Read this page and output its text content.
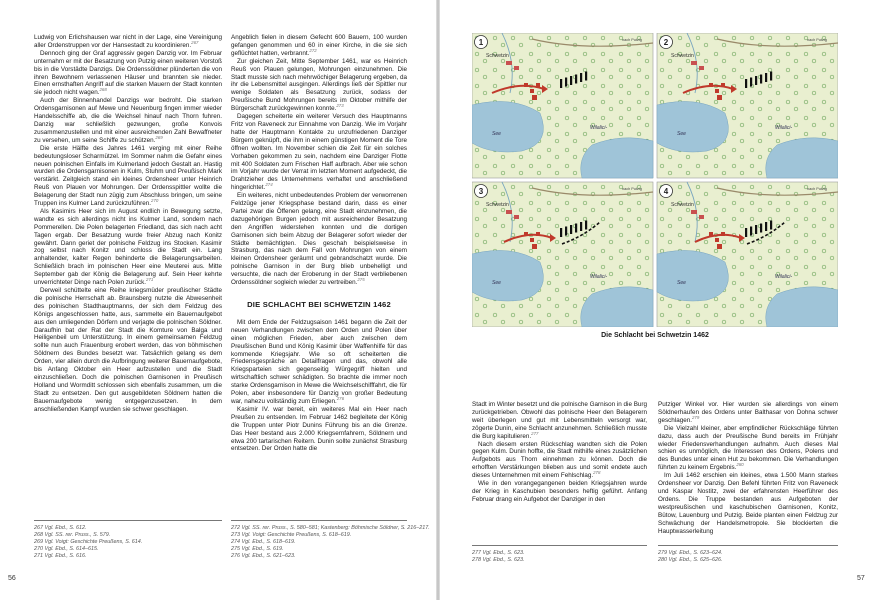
Ludwig von Erlichshausen war nicht in der Lage, eine Vereinigung aller Ordenstruppen vor der Hansestadt zu koordinieren.$^{267}$

Dennoch ging der Graf aggressiv gegen Danzig vor. Im Februar unternahm er mit der Besatzung von Putzig einen weiteren Vorstoß bis in die Vorstädte Danzigs. Die Ordenssöldner plünderten die von ihren Bewohnern verlassenen Häuser und brannten sie nieder. Einen ernsthaften Angriff auf die starken Mauern der Stadt konnten sie jedoch nicht wagen.$^{268}$

Auch der Binnenhandel Danzigs war bedroht. Die starken Ordensgarnisonen auf Mewe und Neuenburg fingen immer wieder Handelsschiffe ab, die die Weichsel hinauf nach Thorn fuhren. Danzig war schließlich gezwungen, große Konvois zusammenzustellen und mit einer ausreichenden Zahl Bewaffneter zu versehen, um seine Schiffe zu schützen.$^{269}$

Die erste Hälfte des Jahres 1461 verging mit einer Reihe bedeutungsloser Scharmützel. Im Sommer nahm die Gefahr eines neuen polnischen Einfalls im Kulmerland jedoch Gestalt an. Hastig wurden die Ordensgarnisonen in Kulm, Stuhm und Preußisch Mark verstärkt. Zeitgleich stand ein kleines Ordensheer unter Heinrich Reuß von Plauen vor Mohrungen. Der Ordensspittler wollte die Belagerung der Stadt nun zügig zum Abschluss bringen, um seine Truppen ins Kulmer Land zurückzuführen.$^{270}$

Als Kasimirs Heer sich im August endlich in Bewegung setzte, wandte es sich allerdings nicht ins Kulmer Land, sondern nach Pommerellen. Die Polen belagerten Friedland, das sich nach acht Tagen ergab. Der Besatzung wurde freier Abzug nach Konitz gewährt. Dann geriet der polnische Feldzug ins Stocken. Kasimir zog selbst nach Konitz und schloss die Stadt ein. Lang anhaltender, kalter Regen behinderte die Belagerungsarbeiten. Schließlich brach im polnischen Heer eine Meuterei aus. Mitte September gab der König die Belagerung auf. Sein Heer kehrte unverrichteter Dinge nach Polen zurück.$^{271}$

Derweil schüttelte eine Reihe kriegsmüder preußischer Städte die polnische Herrschaft ab. Braunsberg nutzte die Abwesenheit des polnischen Stadthauptmanns, der sich dem Feldzug des Königs angeschlossen hatte, aus, sammelte ein Bauernaufgebot aus den umliegenden Dörfern und verjagte die polnischen Söldner. Daraufhin bat der Rat der Stadt die Komture von Balga und Heiligenbeil um Unterstützung. In einem gemeinsamen Feldzug sollte nun auch Frauenburg erobert werden, das von böhmischen Söldnern des Bundes besetzt war. Tatsächlich gelang es dem Orden, vier allein durch die Aufbringung weiterer Bauernaufgebote, bis Anfang Oktober ein Heer aufzustellen und die Stadt einzuschließen. Doch die polnischen Garnisonen in Preußisch Holland und Wormditt schlossen sich ebenfalls zusammen, um die Stadt zu entsetzen. Den gut ausgebildeten Söldnern hatten die Bauernaufgebote wenig entgegenzusetzen. In dem anschließenden Kampf wurden sie schwer geschlagen.

Angeblich fielen in diesem Gefecht 600 Bauern, 100 wurden gefangen genommen und 60 in einer Kirche, in die sie sich geflüchtet hatten, verbrannt.$^{272}$

Zur gleichen Zeit, Mitte September 1461, war es Heinrich Reuß von Plauen gelungen, Mohrungen einzunehmen. Die Stadt musste sich nach mehrwöchiger Belagerung ergeben, da ihr die Lebensmittel ausgingen. Allerdings ließ der Spittler nur wenige Soldaten als Besatzung zurück, sodass der Preußische Bund Mohrungen bereits im Oktober mithilfe der Bürgerschaft zurückgewinnen konnte.$^{273}$

Dagegen scheiterte ein weiterer Versuch des Hauptmanns Fritz von Raveneck zur Einnahme von Danzig. Wie im Vorjahr hatte der Hauptmann Kontakte zu unzufriedenen Danziger Bürgern geknüpft, die ihm in einem günstigen Moment die Tore öffnen wollten. Im November schien die Zeit für ein solches Vorhaben gekommen zu sein, nachdem eine Danziger Flotte mit 400 Soldaten zum Frischen Haff aufbrach. Aber wie schon im Vorjahr wurde der Verrat im letzten Moment aufgedeckt, die Drahtzieher des Unternehmens verhaftet und anschließend hingerichtet.$^{274}$

Ein weiteres, nicht unbedeutendes Problem der verworrenen Feldzüge jener Kriegsphase bestand darin, dass es einer Partei zwar die Öffenen gelang, eine Stadt einzunehmen, die dazugehörigen Burgen jedoch mit ausreichender Besatzung den Angriffen widerstehen konnten und die dortigen Garnisonen sich beim Abzug der Belagerer sofort wieder der Städte bemächtigten. Dies geschah beispielsweise in Strasburg, das nach dem Fall von Mohrungen von einem kleinen Ordensheer geräumt und gebrandschatzt wurde. Die polnische Garnison in der Burg blieb unbehelligt und versuchte, die nach der Eroberung in der Stadt verbliebenen Ordenssöldner sogleich wieder zu vertreiben.$^{275}$

DIE SCHLACHT BEI SCHWETZIN 1462

Mit dem Ende der Feldzugsaison 1461 begann die Zeit der neuen Verhandlungen zwischen dem Orden und Polen über einen möglichen Frieden, aber auch zwischen dem Preußischen Bund und König Kasimir über Waffenhilfe für das kommende Kriegsjahr. Wie so oft scheiterten die Friedensgespräche an Detailfragen und das, obwohl alle Kriegsparteien sich gegenseitig Würgegriff hielten und wirtschaftlich schwer schädigten. So brachte die immer noch starke Ordensgarnison in Mewe die Weichselschifffahrt, die für Polen, aber insbesondere für Danzig von großer Bedeutung war, nahezu vollständig zum Erliegen.$^{276}$

Kasimir IV. war bereit, ein weiteres Mal ein Heer nach Preußen zu entsenden. Im Februar 1462 begleitete der König die Truppen unter Piotr Dunins Führung bis an die Grenze. Das Heer bestand aus 2.000 Kriegsernfahrern, Söldnern und etwa 200 tartarischen Reitern. Dunin sollte zunächst Strasburg entsetzen. Der Orden hatte die

267 Vgl. Ebd., S. 612.
268 Vgl. SS. rer. Pruss., S. 579.
269 Vgl. Voigt: Geschichte Preußens, S. 614.
270 Vgl. Ebd., S. 614–615.
271 Vgl. Ebd., S. 616.
272 Vgl. SS. rer. Pruss., S. 580–581; Kastenberg: Böhmische Söldner, S. 216–217.
273 Vgl. Voigt: Geschichte Preußens, S. 618–619.
274 Vgl. Ebd., S. 618–619.
275 Vgl. Ebd., S. 619.
276 Vgl. Ebd., S. 621–623.
56
Schwetzin
Wilalici-
See
nach Putzig
1
Schwetzin
Wilalici-
See
nach Putzig
2
Schwetzin
Wilalici-
See
nach Putzig
3
Schwetzin
Wilalici-
See
nach Putzig
4
Die Schlacht bei Schwetzin 1462

Stadt im Winter besetzt und die polnische Garnison in die Burg zurückgetrieben. Obwohl das polnische Heer den Belagerern weit überlegen und gut mit Lebensmitteln versorgt war, zögerte Dunin, eine Schlacht anzunehmen. Schließlich musste die Burg kapitulieren.$^{277}$

Nach diesem ersten Rückschlag wandten sich die Polen gegen Kulm. Dunin hoffte, die Stadt mithilfe eines zusätzlichen Aufgebots aus Thorn einnehmen zu können. Doch die erhofften Verstärkungen blieben aus und somit endete auch dieses Unternehmen mit einem Fehlschlag.$^{278}$

Wie in den vorangegangenen beiden Kriegsjahren wurde der Krieg in Kaschubien besonders heftig geführt. Anfang Februar drang ein Aufgebot der Danziger in den

Putziger Winkel vor. Hier wurden sie allerdings von einem Söldnerhaufen des Ordens unter Balthasar von Dohna schwer geschlagen.$^{279}$

Die Vielzahl kleiner, aber empfindlicher Rückschläge führten dazu, dass auch der Preußische Bund bereits im Frühjahr wieder Friedensverhandlungen aufnahm. Auch dieses Mal schien es unmöglich, die Interessen des Ordens, Polens und des Bundes unter einen Hut zu bekommen. Die Verhandlungen führten zu keinem Ergebnis.$^{280}$

Im Juli 1462 erschien ein kleines, etwa 1.500 Mann starkes Ordensheer vor Danzig. Den Befehl führten Fritz von Raveneck und Kaspar Nostitz, zwei der erfahrensten Heerführer des Ordens. Die Truppe bestanden aus Aufgeboten der westpreußischen und kaschubischen Garnisonen, Konitz, Bütow, Lauenburg und Putzig. Beide planten einen Feldzug zur Schwächung der Handelsmetropole. Sie blockierten die Hauptwasserleitung

277 Vgl. Ebd., S. 623.
278 Vgl. Ebd., S. 623.
279 Vgl. Ebd., S. 623–624.
280 Vgl. Ebd., S. 625–626.
57
